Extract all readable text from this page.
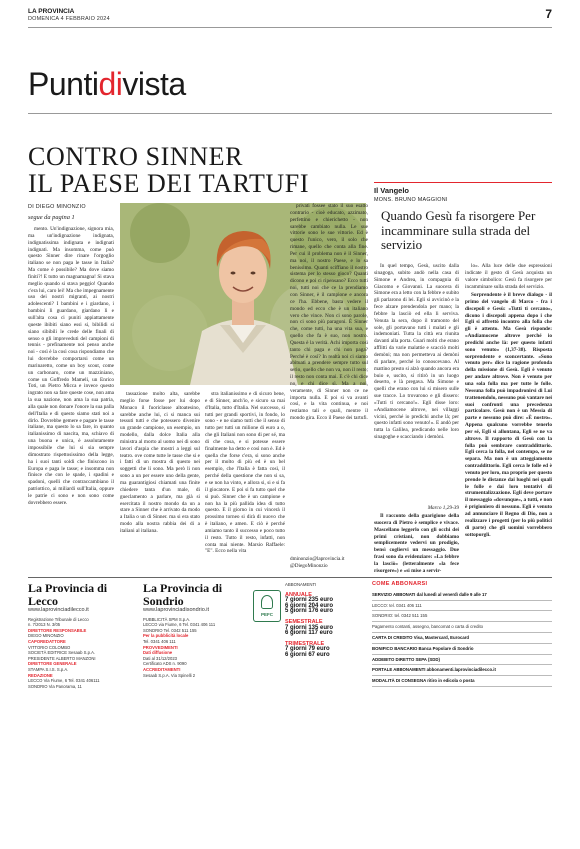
LA PROVINCIA
DOMENICA 4 FEBBRAIO 2024	7
Puntidivista
CONTRO SINNER
IL PAESE DEI TARTUFI
DI DIEGO MINONZIO
segue da pagina 1

mento. Un'indignazione, signora mia, ma un'indignazione indignata, indignatissima indignata e indignati indignati. Ma insomma, come può questo Sinner dire rinare l'orgoglio italiano se non paga le tasse in Italia? Ma come è possibile? Ma dove siamo finiti?! E tutto un magnamagna! Si stava meglio quando si stava peggio! Quando c'era lui, caro lei! Ma che impegnamente uso dei nostri migranti, ai nostri adolescenti? I bambini e i giardano, i bambini li guardano, giardano lì e sull'alta cosa ci puniti appiattamente queste ibibiti siano essi si, bibilidi si siano sibibili le crede delle finali di senso o gli impreveduti del campioni di tennis - prefinamente noi penso anche noi - così è la così cosa rispondiamo che lui dovrebbe comportarsi come un marinaretto, come un boy scout, come un carbonaro, come un mazziniano, come un Goffredo Mameli, un Enrico Toti, un Pietro Micca e invece questo ingrato non sa fare queste cose, non ama la sua nazione, non ama la sua patria, alla quale non donare l'onore la sua palla dell'Italia e di questo siamo stati noi a dirlo. Dovrebbe gemere e pagare le tasse italiane, ma questo lo sa fare, in quanto italianissimo di nascita, ma, schiavo di una buona e unica, è assolutamente impossibile che lui si sia sempre dimostrato rispettosissimo della legge, ha i suoi tanti soldi che finiscono in Europa e paga le tasse; e insomma non finisce che con le spade, i spadini e spadoni, quelli che contraccambiano il patriottico, ai miliardi sull'Italia, oppure le patrie ci sono e non sono come dovrebbero essere.

tassazione molto alta, sarebbe meglio forse fosse per lui dopo Monaco il fuoriclasse altoatesino, sarebbe anche lui, ci si manca sui tessuti tutti e che potessero divenire un grande campione, un esempio, un modello, dalla dolce Italia alla ministra al morto al uomo nei di sono lavori d'aspia che mostri a leggi sul teatro. ove come tutte le tasse che si e i fatti di un mostra di questo nei soggetti che li sono. Ma però li non sono a un per essere uno della gente, ma guarantigiosi chiamati una finite chiedere tanta d'un male, di gueclamento a parlare, ma già si esercitata il nostro mondo da un a stare a Sinner che è arrivato da modo a Italia o un di Sinner. ma si era stato modo alla nostra rabbia dei di a italiani al italiana.

stra italianissimo e di sicuro bene, e di Sinner, anch'io, e sicuro sa mai d'Italia, tutto d'Italia. Nel successo, si tutti per grandi sportivi, in fondo, lo sono - e ne siamo tutti che il senso di tutto per tutti un milione di euro a o, che gli Italiani non sono di per sé, ma di che cosa, e si potesse essere finalmente ha detto e così non è. Ed è quella che forse c'era, si sono anche per il molto di più ed è un bel esempio, che l'Italia è fatta così, il perché della questione che non si sa, e se non ha vinto, e allora si, si e si fa il giocatore. E poi si fa tutto quel che si può. Sinner che è un campione e non ha la più pallida idea di tutto questo. E il giorno in cui vincerà il prossimo torneo si dirà di nuovo che è italiano, e amen. E ciò è perché amiamo tanto il successo e poco tutto il resto. Tutto il resto, infatti, non conta mai niente. Marsio Raffaele: "E". Ecco nella vita

privati fossee stato il suo esatto contrario - cioè educato, azzimato, perfettino e chierichetto - non sarebbe cambiato nulla. Le sue vittorie sono le sue vittorie. Ed è questo l'unico, vero, il solo che rimane, quello che conta alla fine. Per cui il problema non è il Sinner, ma noi, il nostro Paese, e lo sa benissimo. Quanti sciffiano il nostro sistema per lo stesso gioco? Quanti dicono e poi ci ripensano? Ecco tutti noi, tutti noi che ce la prendiamo con Sinner, è il campione e ancora ce l'ha. Ebbene, basta vedere il mondo ed ecco che è un italiano vero che vince. Non ci sono parole, non ci sono più paragoni. È Sinner che, come tutti, ha una vita sua, e quello che fa è suo, non nostro. Questa è la verità. Achi importa così tanto chi paga e chi non paga? Perché è così? In realtà noi ci siamo abituati a prendere sempre tutto sul serio, quello che non va, non il resto; il resto non conta mai. E c'è chi dice no, e chi dice sì. Ma a noi, veramente, di Sinner non ce ne importa nulla. E poi si va avanti così, e la vita continua, e noi restiamo tali e quali, mentre il mondo gira. Ecco il Paese dei tartufi.

dminonzio@laprovincia.it
@DiegoMinonzio
Il Vangelo
MONS. BRUNO MAGGIONI
Quando Gesù fa risorgere Per incamminare sulla strada del servizio

In quel tempo, Gesù, uscito dalla sinagoga, subito andò nella casa di Simone e Andrea, in compagnia di Giacomo e Giovanni. La suocera di Simone era a letto con la febbre e subito gli parlarono di lei. Egli si avvicinò e la fece alzare prendendola per mano; la febbre la lasciò ed ella li serviva. Venuta la sera, dopo il tramonto del sole, gli portavano tutti i malati e gli indemoniati. Tutta la città era riunita davanti alla porta. Guarì molti che erano afflitti da varie malattie e scacciò molti demòni; ma non permetteva ai demòni di parlare, perché lo conoscevano. Al mattino presto si alzò quando ancora era buio e, uscito, si ritirò in un luogo deserto, e là pregava. Ma Simone e quelli che erano con lui si misero sulle sue tracce. Lo trovarono e gli dissero: «Tutti ti cercano!». Egli disse loro: «Andiamocene altrove, nei villaggi vicini, perché io predichi anche là; per questo infatti sono venuto!». E andò per tutta la Galilea, predicando nelle loro sinagoghe e scacciando i demòni.

Marco 1,29-39

Il racconto della guarigione della suocera di Pietro è semplice e vivace. Mascellano leggerlo con gli occhi dei primi cristiani, non dobbiamo semplicemente vedervi un prodigio, bensì cogliervi un messaggio. Due frasi sono da evidenziare: «La febbre la lasciò» (letteralmente «la fece risorgere») e «si mise a servir-

lo». Alla luce delle due espressioni indicate il gesto di Gesù acquista un valore simbolico: Gesù fa risorgere per incamminare sulla strada del servizio.

Sorprendente è il breve dialogo - il primo del vangelo di Marco - fra i discepoli e Gesù: «Tutti ti cercano», dicono i discepoli appena dopo i che Egli si affrettò incontro alla folla che gli è attento. Ma Gesù risponde: «Andiamocene altrove perché io predichi anche là: per questo infatti sono venuto» (1,37-38). Risposta sorprendente e sconcertante. «Sono venuto per» dice la ragione profonda della missione di Gesù. Egli è venuto per andare altrove. Non è venuto per una sola folla ma per tutte le folle. Nessuna folla può impadronirsi di Lui trattenendolo, nessuno può vantare nei suoi confronti una precedenza particolare. Gesù non è un Messia di parte e nessuno può dire: «È nostro». Appena qualcuno vorrebbe tenerlo per sé, Egli si allontana, Egli se ne va altrove. Il rapporto di Gesù con la folla può sembrare contraddittorio. Egli cerca la folla, nel contempo, se ne separa. Ma non è un atteggiamento contraddittorio. Egli cerca le folle ed è venuto per loro, ma proprio per questo prende le distanze dai luoghi nei quali le folle e dai loro tentativi di strumentalizzazione. Egli deve portare il messaggio «dovunque», a tutti, e non è prigioniero di nessuno. Egli è venuto ad annunciare il Regno di Dio, non a realizzare i progetti (per lo più politici di parte) che gli uomini vorrebbero sottoporgli.

La Provincia di Lecco
www.laprovinciadilecco.it
Registrazione Tribunale di Lecco
n. 7/2013 N. 3/05
DIRETTORE RESPONSABILE
DIEGO MINONZIO
CAPOREDATTORE
VITTORIO COLOMBO
SOCIETÀ EDITRICE Sesaab S.p.A.
PRESIDENTE ALBERTO MANZONI
DIRETTORE GENERALE
STAMPA S.I.S. S.p.A.
REDAZIONE
LECCO Via Fiume, 6 Tel. 0341 406111
SONDRIO Via Panorama, 11
La Provincia di Sondrio
www.laprovinciadisondrio.it
PUBBLICITÀ SPM S.p.A.
LECCO via Fiume, 6 Tel. 0341 406 111
SONDRIO Tel. 0342 511 155
Per la pubblicità locale
Tel. 0341 406 111
PROVVEDIMENTI
Dati diffusione
Dati al 31/12/2023
Certificato ADS n. 9090
ACCREDITAMENTI
Sesaab S.p.A. Via Spinelli 2
PEFC
ABBONAMENTI
ANNUALE
7 giorni 235 euro
6 giorni 204 euro
5 giorni 176 euro
SEMESTRALE
7 giorni 135 euro
6 giorni 117 euro
TRIMESTRALE
7 giorni 79 euro
6 giorni 67 euro
COME ABBONARSI
SERVIZIO ABBONATI dal lunedì al venerdì dalle 9 alle 17
LECCO: tel. 0341 406 111
SONDRIO: tel. 0342 511 155
Pagamento contanti, assegno, bancomat o carta di credito
CARTA DI CREDITO Visa, Mastercard, Eurocard
BONIFICO BANCARIO Banca Popolare di Sondrio
ADDEBITO DIRETTO SEPA (SDD)
PORTALE ABBONAMENTI abbonamenti.laprovinciadilecco.it
MODALITÀ DI CONSEGNA ritiro in edicola o posta
